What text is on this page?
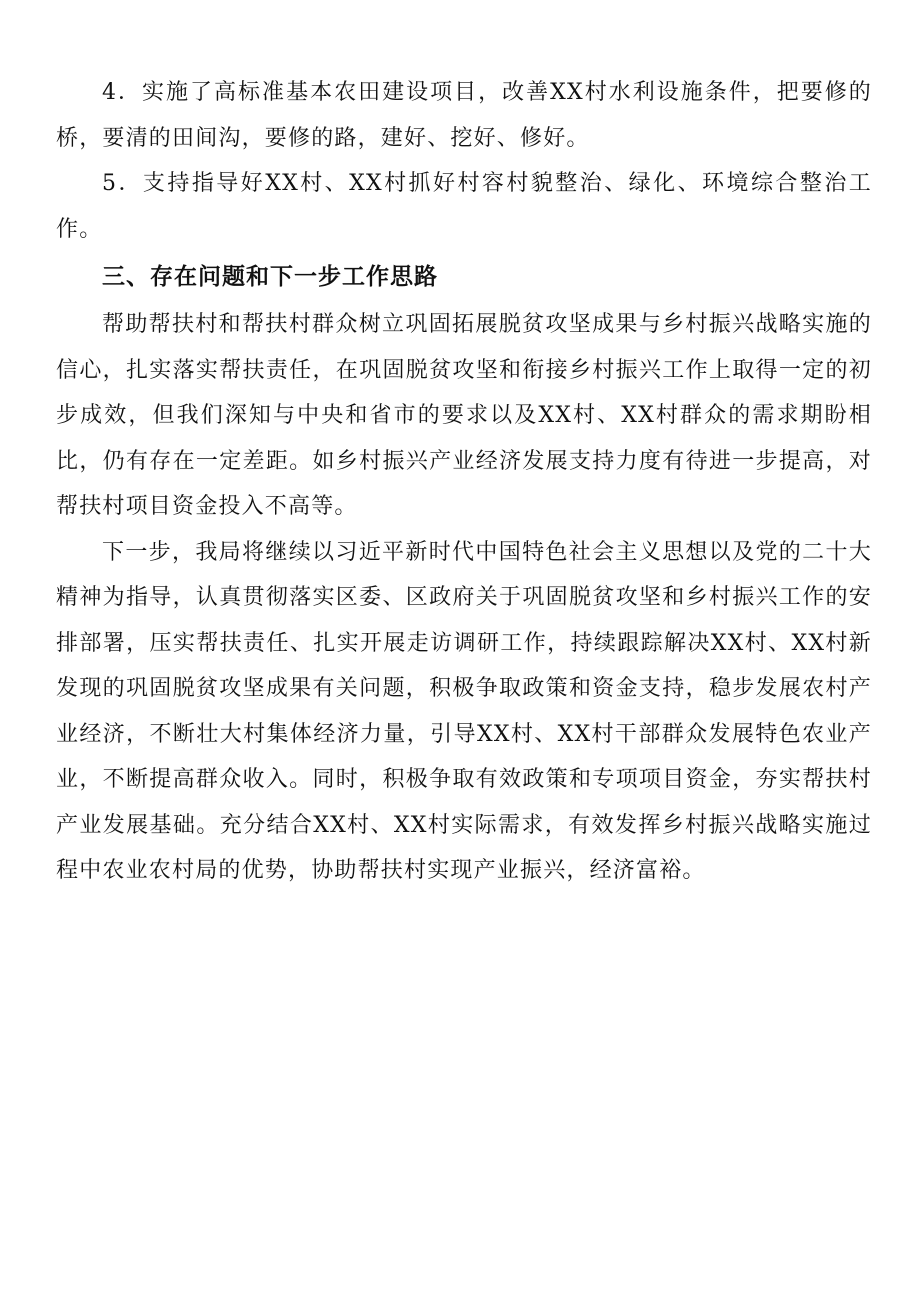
4．实施了高标准基本农田建设项目，改善XX村水利设施条件，把要修的桥，要清的田间沟，要修的路，建好、挖好、修好。

5．支持指导好XX村、XX村抓好村容村貌整治、绿化、环境综合整治工作。

三、存在问题和下一步工作思路

帮助帮扶村和帮扶村群众树立巩固拓展脱贫攻坚成果与乡村振兴战略实施的信心，扎实落实帮扶责任，在巩固脱贫攻坚和衔接乡村振兴工作上取得一定的初步成效，但我们深知与中央和省市的要求以及XX村、XX村群众的需求期盼相比，仍有存在一定差距。如乡村振兴产业经济发展支持力度有待进一步提高，对帮扶村项目资金投入不高等。

下一步，我局将继续以习近平新时代中国特色社会主义思想以及党的二十大精神为指导，认真贯彻落实区委、区政府关于巩固脱贫攻坚和乡村振兴工作的安排部署，压实帮扶责任、扎实开展走访调研工作，持续跟踪解决XX村、XX村新发现的巩固脱贫攻坚成果有关问题，积极争取政策和资金支持，稳步发展农村产业经济，不断壮大村集体经济力量，引导XX村、XX村干部群众发展特色农业产业，不断提高群众收入。同时，积极争取有效政策和专项项目资金，夯实帮扶村产业发展基础。充分结合XX村、XX村实际需求，有效发挥乡村振兴战略实施过程中农业农村局的优势，协助帮扶村实现产业振兴，经济富裕。
